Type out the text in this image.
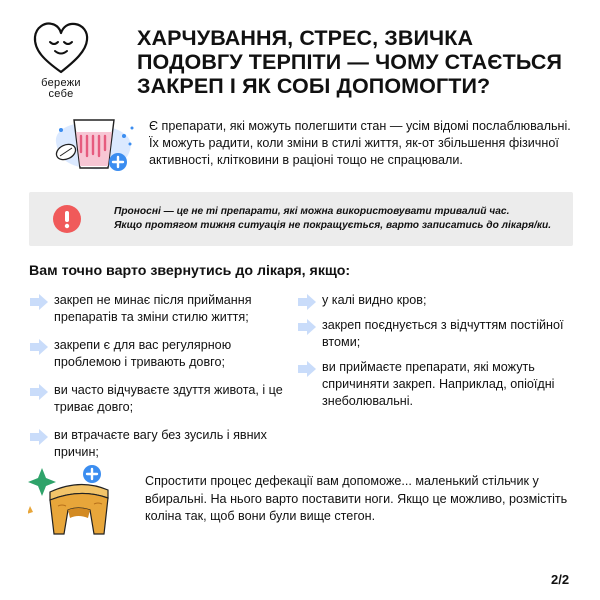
бережи
себе
ХАРЧУВАННЯ, СТРЕС, ЗВИЧКА ПОДОВГУ ТЕРПІТИ — ЧОМУ СТАЄТЬСЯ ЗАКРЕП І ЯК СОБІ ДОПОМОГТИ?

Є препарати, які можуть полегшити стан — усім відомі послаблювальні. Їх можуть радити, коли зміни в стилі життя, як-от збільшення фізичної активності, клітковини в раціоні тощо не спрацювали.

Проносні — це не ті препарати, які можна використовувати тривалий час.
Якщо протягом тижня ситуація не покращується, варто записатись до лікаря/ки.
Вам точно варто звернутись до лікаря, якщо:
закреп не минає після приймання препаратів та зміни стилю життя;
закрепи є для вас регулярною проблемою і тривають довго;
ви часто відчуваєте здуття живота, і це триває довго;
ви втрачаєте вагу без зусиль і явних причин;
у калі видно кров;
закреп поєднується з відчуттям постійної втоми;
ви приймаєте препарати, які можуть спричиняти закреп. Наприклад, опіоїдні знеболювальні.

Спростити процес дефекації вам допоможе... маленький стільчик у вбиральні. На нього варто поставити ноги. Якщо це можливо, розмістіть коліна так, щоб вони були вище стегон.

2/2
